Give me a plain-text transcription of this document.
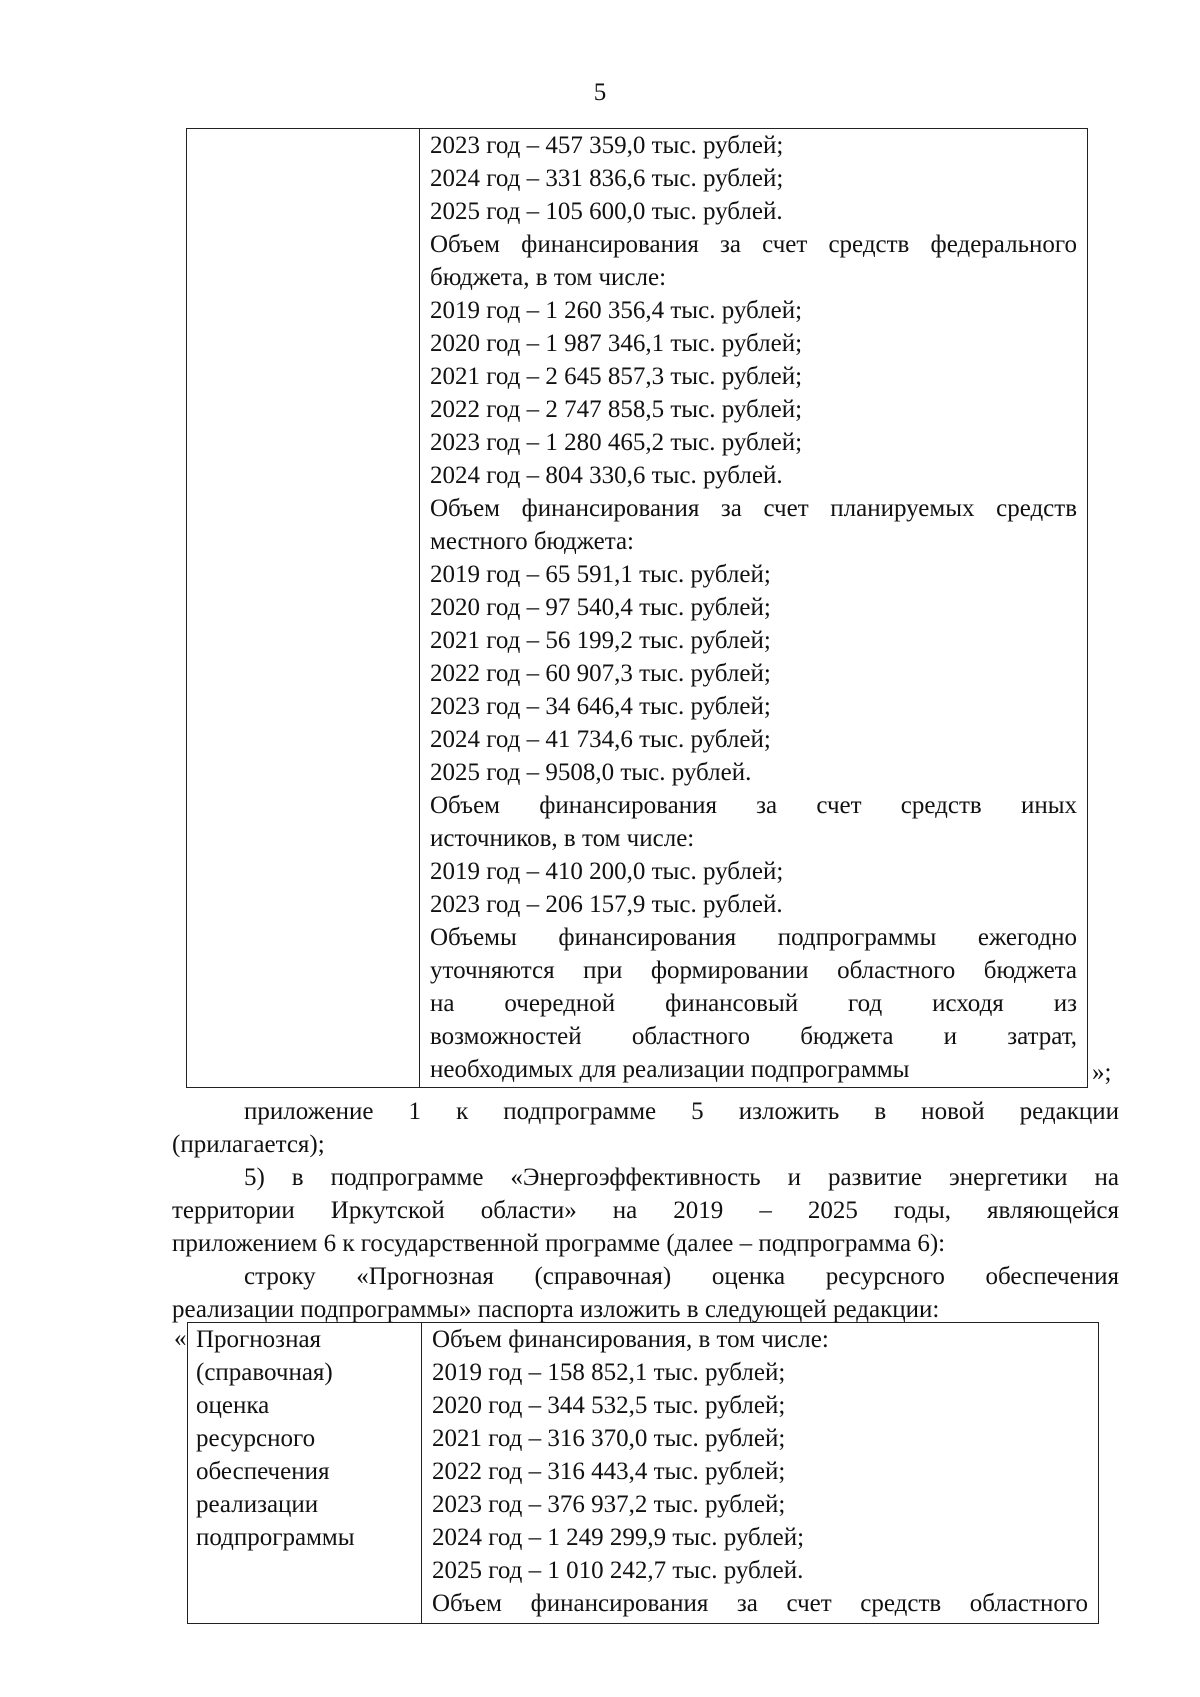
5
2023 год – 457 359,0 тыс. рублей;
2024 год – 331 836,6 тыс. рублей;
2025 год – 105 600,0 тыс. рублей.
Объем финансирования за счет средств федерального
бюджета, в том числе:
2019 год – 1 260 356,4 тыс. рублей;
2020 год – 1 987 346,1 тыс. рублей;
2021 год – 2 645 857,3 тыс. рублей;
2022 год – 2 747 858,5 тыс. рублей;
2023 год – 1 280 465,2 тыс. рублей;
2024 год – 804 330,6 тыс. рублей.
Объем финансирования за счет планируемых средств
местного бюджета:
2019 год – 65 591,1 тыс. рублей;
2020 год – 97 540,4 тыс. рублей;
2021 год – 56 199,2 тыс. рублей;
2022 год – 60 907,3 тыс. рублей;
2023 год – 34 646,4 тыс. рублей;
2024 год – 41 734,6 тыс. рублей;
2025 год – 9508,0 тыс. рублей.
Объем финансирования за счет средств иных
источников, в том числе:
2019 год – 410 200,0 тыс. рублей;
2023 год – 206 157,9 тыс. рублей.
Объемы финансирования подпрограммы ежегодно
уточняются при формировании областного бюджета
на очередной финансовый год исходя из
возможностей областного бюджета и затрат,
необходимых для реализации подпрограммы	»;
приложение 1 к подпрограмме 5 изложить в новой редакции
(прилагается);
5) в подпрограмме «Энергоэффективность и развитие энергетики на
территории Иркутской области» на 2019 – 2025 годы, являющейся
приложением 6 к государственной программе (далее – подпрограмма 6):
строку «Прогнозная (справочная) оценка ресурсного обеспечения
реализации подпрограммы» паспорта изложить в следующей редакции:
« Прогнозная
(справочная)
оценка
ресурсного
обеспечения
реализации
подпрограммы
Объем финансирования, в том числе:
2019 год – 158 852,1 тыс. рублей;
2020 год – 344 532,5 тыс. рублей;
2021 год – 316 370,0 тыс. рублей;
2022 год – 316 443,4 тыс. рублей;
2023 год – 376 937,2 тыс. рублей;
2024 год – 1 249 299,9 тыс. рублей;
2025 год – 1 010 242,7 тыс. рублей.
Объем финансирования за счет средств областного
